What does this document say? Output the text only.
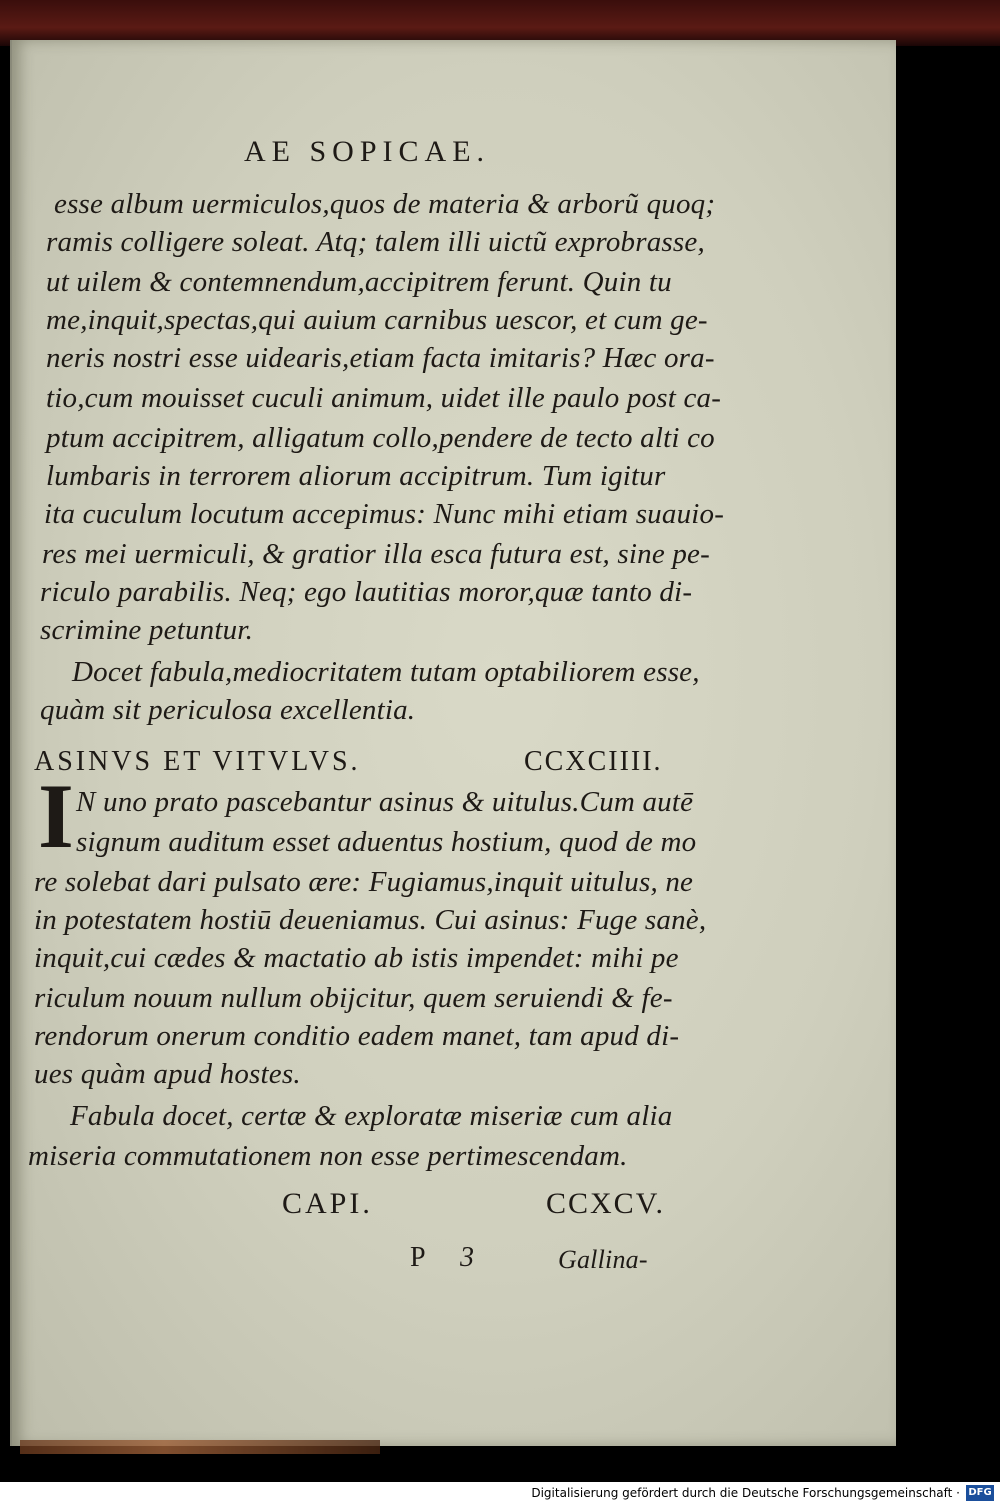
AE SOPICAE.
esse album uermiculos,quos de materia & arborũ quoq;
ramis colligere soleat. Atq; talem illi uictũ exprobrasse,
ut uilem & contemnendum,accipitrem ferunt. Quin tu
me,inquit,spectas,qui auium carnibus uescor, et cum ge-
neris nostri esse uidearis,etiam facta imitaris? Hæc ora-
tio,cum mouisset cuculi animum, uidet ille paulo post ca-
ptum accipitrem, alligatum collo,pendere de tecto alti co
lumbaris in terrorem aliorum accipitrum. Tum igitur
ita cuculum locutum accepimus: Nunc mihi etiam suauio-
res mei uermiculi, & gratior illa esca futura est, sine pe-
riculo parabilis. Neq; ego lautitias moror,quæ tanto di-
scrimine petuntur.
Docet fabula,mediocritatem tutam optabiliorem esse,
quàm sit periculosa excellentia.
ASINVS ET VITVLVS.	CCXCIIII.
I N uno prato pascebantur asinus & uitulus.Cum autē
signum auditum esset aduentus hostium, quod de mo
re solebat dari pulsato ære: Fugiamus,inquit uitulus, ne
in potestatem hostiū deueniamus. Cui asinus: Fuge sanè,
inquit,cui cædes & mactatio ab istis impendet: mihi pe
riculum nouum nullum obijcitur, quem seruiendi & fe-
rendorum onerum conditio eadem manet, tam apud di-
ues quàm apud hostes.
Fabula docet, certæ & exploratæ miseriæ cum alia
miseria commutationem non esse pertimescendam.
CAPI.	CCXCV.
P 3	Gallina-
Digitalisierung gefördert durch die Deutsche Forschungsgemeinschaft · DFG
